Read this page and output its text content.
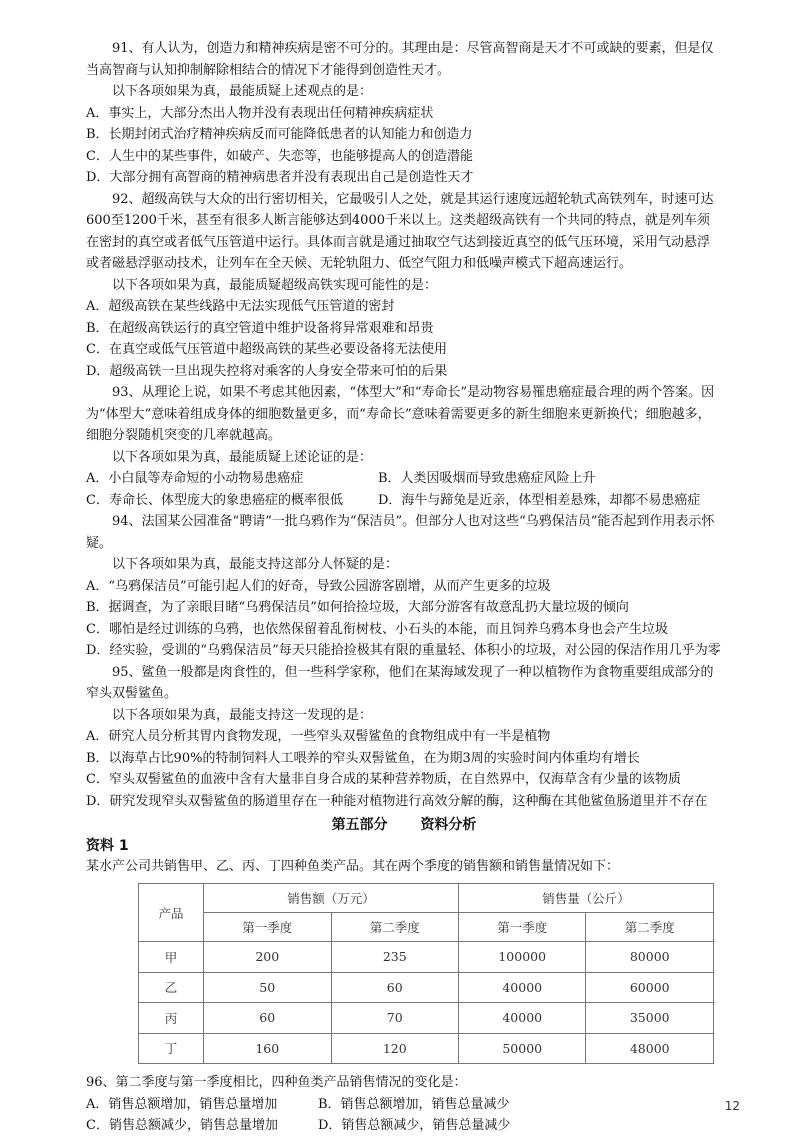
91、有人认为，创造力和精神疾病是密不可分的。其理由是：尽管高智商是天才不可或缺的要素，但是仅当高智商与认知抑制解除相结合的情况下才能得到创造性天才。

以下各项如果为真，最能质疑上述观点的是：

A．事实上，大部分杰出人物并没有表现出任何精神疾病症状

B．长期封闭式治疗精神疾病反而可能降低患者的认知能力和创造力

C．人生中的某些事件，如破产、失恋等，也能够提高人的创造潜能

D．大部分拥有高智商的精神病患者并没有表现出自己是创造性天才

92、超级高铁与大众的出行密切相关，它最吸引人之处，就是其运行速度远超轮轨式高铁列车，时速可达600至1200千米，甚至有很多人断言能够达到4000千米以上。这类超级高铁有一个共同的特点，就是列车须在密封的真空或者低气压管道中运行。具体而言就是通过抽取空气达到接近真空的低气压环境，采用气动悬浮或者磁悬浮驱动技术，让列车在全天候、无轮轨阻力、低空气阻力和低噪声模式下超高速运行。

以下各项如果为真，最能质疑超级高铁实现可能性的是：

A．超级高铁在某些线路中无法实现低气压管道的密封

B．在超级高铁运行的真空管道中维护设备将异常艰难和昂贵

C．在真空或低气压管道中超级高铁的某些必要设备将无法使用

D．超级高铁一旦出现失控将对乘客的人身安全带来可怕的后果

93、从理论上说，如果不考虑其他因素，“体型大”和“寿命长”是动物容易罹患癌症最合理的两个答案。因为“体型大”意味着组成身体的细胞数量更多，而“寿命长”意味着需要更多的新生细胞来更新换代；细胞越多，细胞分裂随机突变的几率就越高。

以下各项如果为真，最能质疑上述论证的是：

A．小白鼠等寿命短的小动物易患癌症	B．人类因吸烟而导致患癌症风险上升

C．寿命长、体型庞大的象患癌症的概率很低	D．海牛与蹄兔是近亲，体型相差悬殊，却都不易患癌症

94、法国某公园准备“聘请”一批乌鸦作为“保洁员”。但部分人也对这些“乌鸦保洁员”能否起到作用表示怀疑。

以下各项如果为真，最能支持这部分人怀疑的是：

A．“乌鸦保洁员”可能引起人们的好奇，导致公园游客剧增，从而产生更多的垃圾

B．据调查，为了亲眼目睹“乌鸦保洁员”如何拾捡垃圾，大部分游客有故意乱扔大量垃圾的倾向

C．哪怕是经过训练的乌鸦，也依然保留着乱衔树枝、小石头的本能，而且饲养乌鸦本身也会产生垃圾

D．经实验，受训的“乌鸦保洁员”每天只能拾捡极其有限的重量轻、体积小的垃圾，对公园的保洁作用几乎为零

95、鲨鱼一般都是肉食性的，但一些科学家称，他们在某海域发现了一种以植物作为食物重要组成部分的窄头双髻鲨鱼。

以下各项如果为真，最能支持这一发现的是：

A．研究人员分析其胃内食物发现，一些窄头双髻鲨鱼的食物组成中有一半是植物

B．以海草占比90%的特制饲料人工喂养的窄头双髻鲨鱼，在为期3周的实验时间内体重均有增长

C．窄头双髻鲨鱼的血液中含有大量非自身合成的某种营养物质，在自然界中，仅海草含有少量的该物质

D．研究发现窄头双髻鲨鱼的肠道里存在一种能对植物进行高效分解的酶，这种酶在其他鲨鱼肠道里并不存在

第五部分 资料分析

资料 1

某水产公司共销售甲、乙、丙、丁四种鱼类产品。其在两个季度的销售额和销售量情况如下：

产品	销售额（万元）		销售量（公斤）	
	第一季度	第二季度	第一季度	第二季度
甲	200	235	100000	80000
乙	50	60	40000	60000
丙	60	70	40000	35000
丁	160	120	50000	48000

96、第二季度与第一季度相比，四种鱼类产品销售情况的变化是：

A．销售总额增加，销售总量增加	B．销售总额增加，销售总量减少

C．销售总额减少，销售总量增加	D．销售总额减少，销售总量减少

12
